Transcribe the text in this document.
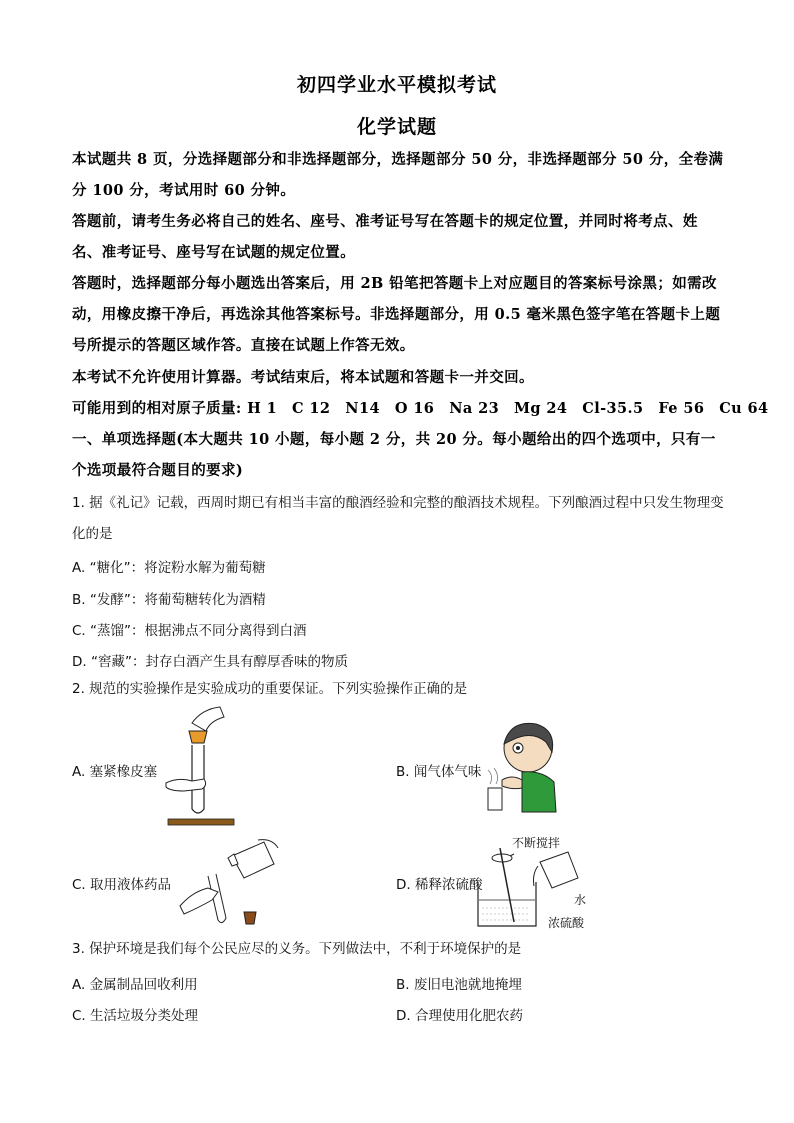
初四学业水平模拟考试
化学试题
本试题共 8 页，分选择题部分和非选择题部分，选择题部分 50 分，非选择题部分 50 分，全卷满分 100 分，考试用时 60 分钟。
答题前，请考生务必将自己的姓名、座号、准考证号写在答题卡的规定位置，并同时将考点、姓名、准考证号、座号写在试题的规定位置。
答题时，选择题部分每小题选出答案后，用 2B 铅笔把答题卡上对应题目的答案标号涂黑；如需改动，用橡皮擦干净后，再选涂其他答案标号。非选择题部分，用 0.5 毫米黑色签字笔在答题卡上题号所提示的答题区域作答。直接在试题上作答无效。
本考试不允许使用计算器。考试结束后，将本试题和答题卡一并交回。
可能用到的相对原子质量: H 1　C 12　N14　O 16　Na 23　Mg 24　Cl-35.5　Fe 56　Cu 64
一、单项选择题(本大题共 10 小题，每小题 2 分，共 20 分。每小题给出的四个选项中，只有一个选项最符合题目的要求)
1. 据《礼记》记载，西周时期已有相当丰富的酿酒经验和完整的酿酒技术规程。下列酿酒过程中只发生物理变化的是
A. “糖化”：将淀粉水解为葡萄糖
B. “发酵”：将葡萄糖转化为酒精
C. “蒸馏”：根据沸点不同分离得到白酒
D. “窖藏”：封存白酒产生具有醇厚香味的物质
2. 规范的实验操作是实验成功的重要保证。下列实验操作正确的是
A. 塞紧橡皮塞	B. 闻气体气味
C. 取用液体药品	D. 稀释浓硫酸
不断搅拌
水
浓硫酸
3. 保护环境是我们每个公民应尽的义务。下列做法中，不利于环境保护的是
A. 金属制品回收利用	B. 废旧电池就地掩埋
C. 生活垃圾分类处理	D. 合理使用化肥农药
